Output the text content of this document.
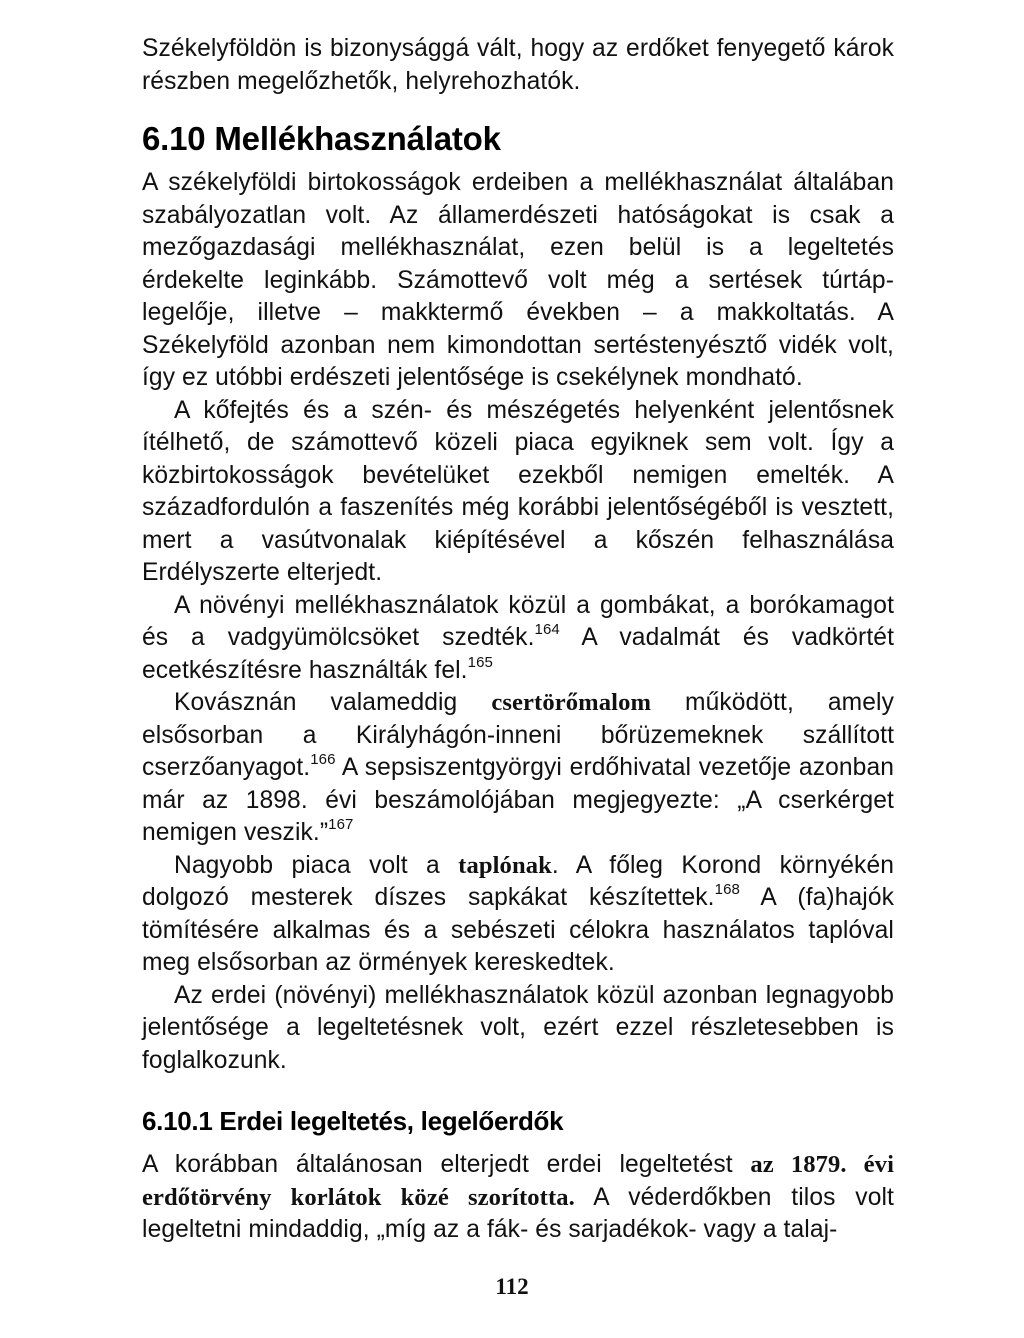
Székelyföldön is bizonysággá vált, hogy az erdőket fenyegető károk részben megelőzhetők, helyrehozhatók.

6.10 Mellékhasználatok

A székelyföldi birtokosságok erdeiben a mellékhasználat általában szabályozatlan volt. Az államerdészeti hatóságokat is csak a mezőgazdasági mellékhasználat, ezen belül is a legeltetés érdekelte leginkább. Számottevő volt még a sertések túrtáp-legelője, illetve – makktermő években – a makkoltatás. A Székelyföld azonban nem kimondottan sertéstenyésztő vidék volt, így ez utóbbi erdészeti jelentősége is csekélynek mondható.

A kőfejtés és a szén- és mészégetés helyenként jelentősnek ítélhető, de számottevő közeli piaca egyiknek sem volt. Így a közbirtokosságok bevételüket ezekből nemigen emelték. A századfordulón a faszenítés még korábbi jelentőségéből is vesztett, mert a vasútvonalak kiépítésével a kőszén felhasználása Erdélyszerte elterjedt.

A növényi mellékhasználatok közül a gombákat, a borókamagot és a vadgyümölcsöket szedték.$^{164}$ A vadalmát és vadkörtét ecetkészítésre használták fel.$^{165}$

Kovásznán valameddig csertörőmalom működött, amely elsősorban a Királyhágón-inneni bőrüzemeknek szállított cserzőanyagot.$^{166}$ A sepsiszentgyörgyi erdőhivatal vezetője azonban már az 1898. évi beszámolójában megjegyezte: „A cserkérget nemigen veszik.”$^{167}$

Nagyobb piaca volt a taplónak. A főleg Korond környékén dolgozó mesterek díszes sapkákat készítettek.$^{168}$ A (fa)hajók tömítésére alkalmas és a sebészeti célokra használatos taplóval meg elsősorban az örmények kereskedtek.

Az erdei (növényi) mellékhasználatok közül azonban legnagyobb jelentősége a legeltetésnek volt, ezért ezzel részletesebben is foglalkozunk.

6.10.1 Erdei legeltetés, legelőerdők

A korábban általánosan elterjedt erdei legeltetést az 1879. évi erdőtörvény korlátok közé szorította. A véderdőkben tilos volt legeltetni mindaddig, „míg az a fák- és sarjadékok- vagy a talaj-

112
